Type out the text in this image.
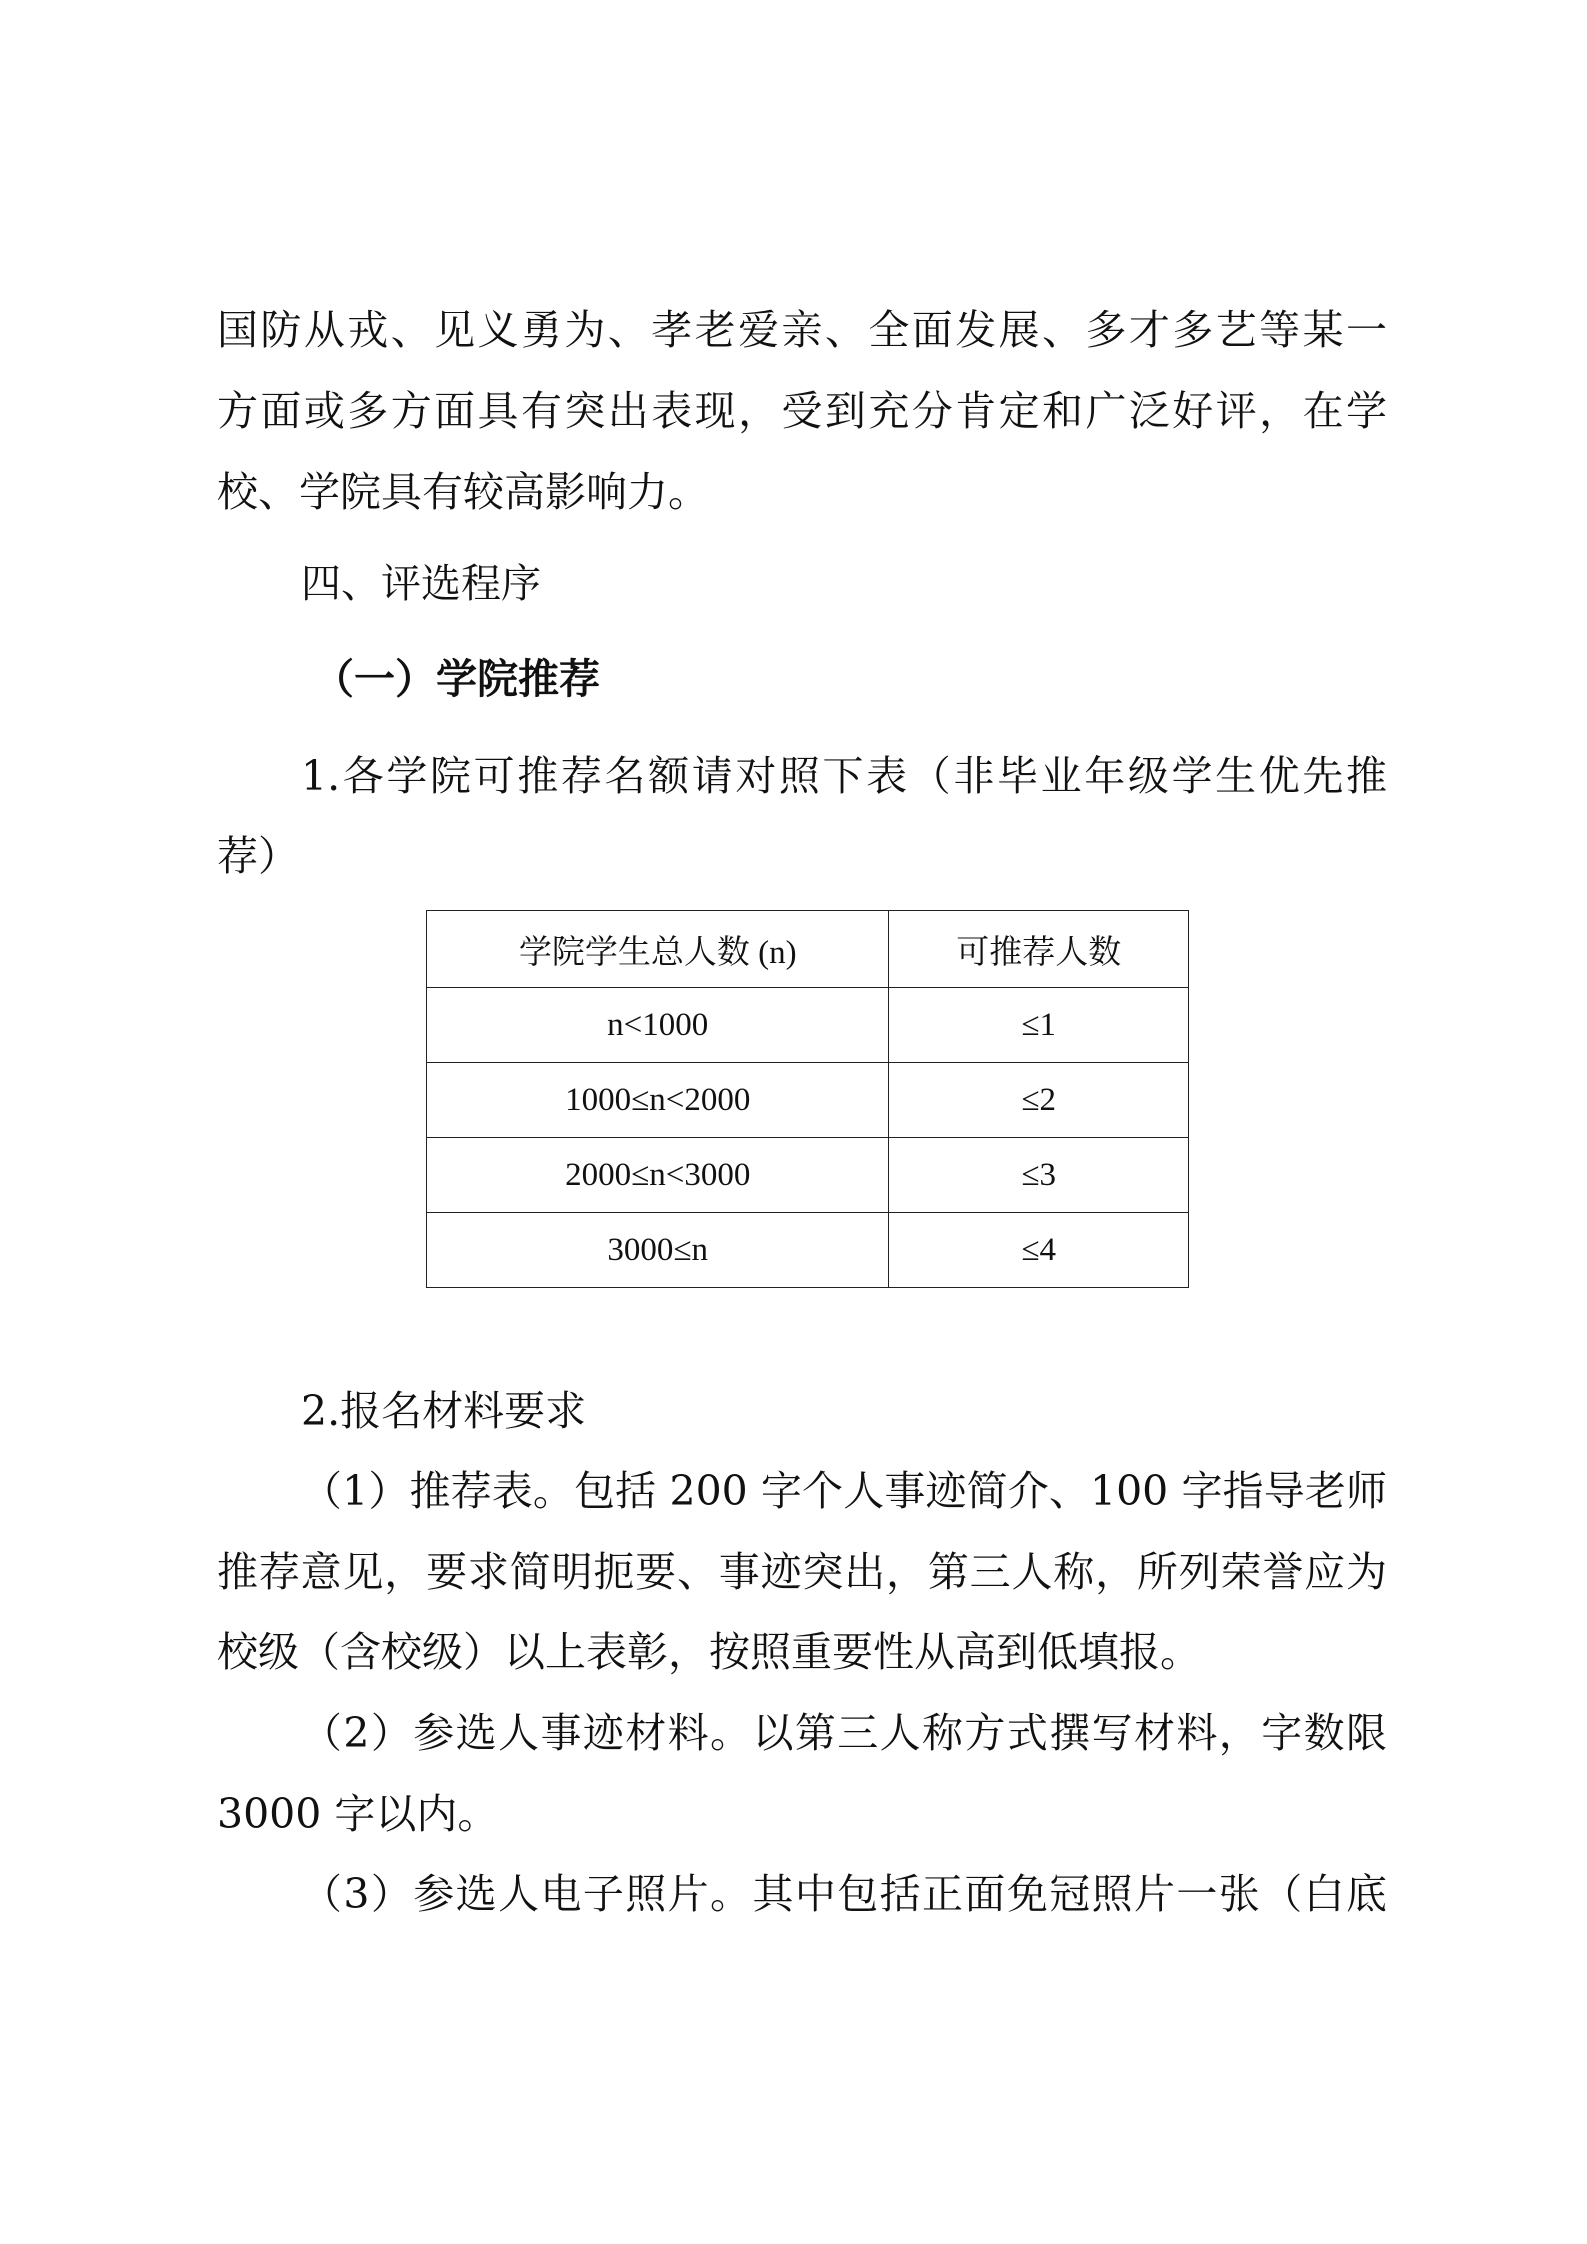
国防从戎、见义勇为、孝老爱亲、全面发展、多才多艺等某一
方面或多方面具有突出表现，受到充分肯定和广泛好评，在学
校、学院具有较高影响力。
四、评选程序
（一）学院推荐
1.各学院可推荐名额请对照下表（非毕业年级学生优先推
荐）
学院学生总人数 (n)	可推荐人数
n<1000	≤1
1000≤n<2000	≤2
2000≤n<3000	≤3
3000≤n	≤4
2.报名材料要求
（1）推荐表。包括 200 字个人事迹简介、100 字指导老师
推荐意见，要求简明扼要、事迹突出，第三人称，所列荣誉应为
校级（含校级）以上表彰，按照重要性从高到低填报。
（2）参选人事迹材料。以第三人称方式撰写材料，字数限
3000 字以内。
（3）参选人电子照片。其中包括正面免冠照片一张（白底
